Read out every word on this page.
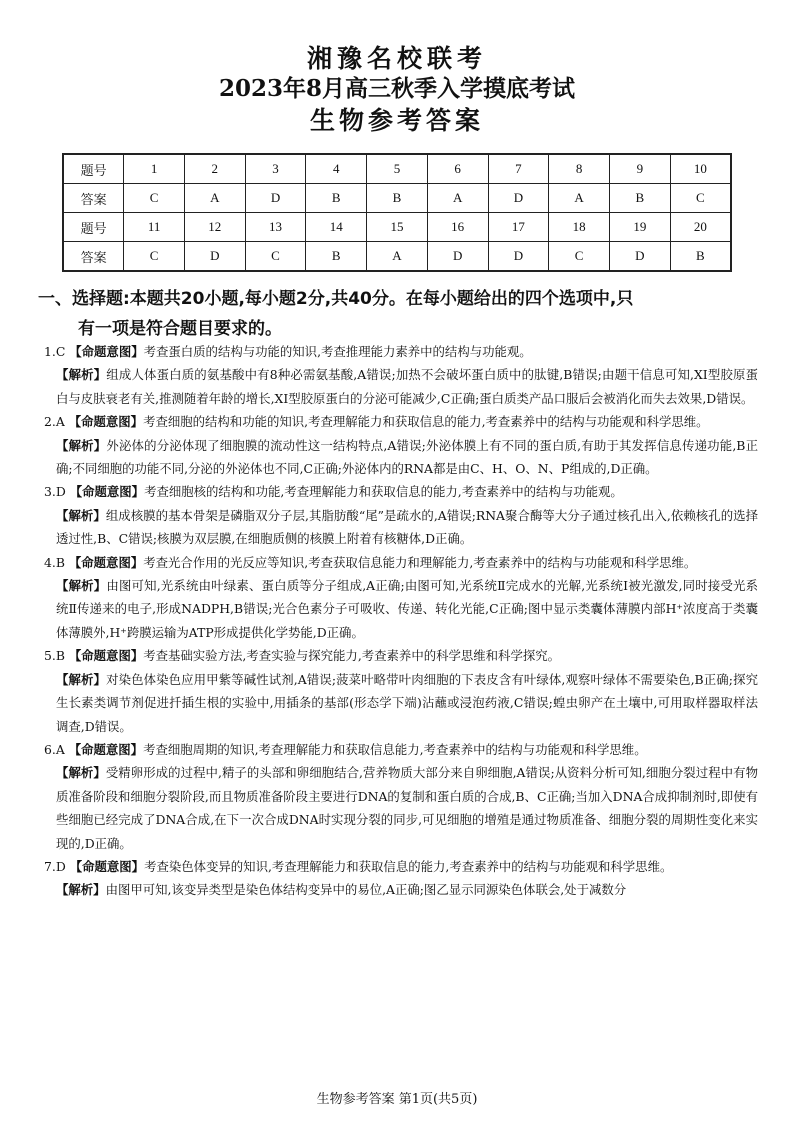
湘豫名校联考

2023年8月高三秋季入学摸底考试

生物参考答案

题号	1	2	3	4	5	6	7	8	9	10
答案	C	A	D	B	B	A	D	A	B	C
题号	11	12	13	14	15	16	17	18	19	20
答案	C	D	C	B	A	D	D	C	D	B
一、选择题:本题共20小题,每小题2分,共40分。在每小题给出的四个选项中,只
有一项是符合题目要求的。
1.C 【命题意图】考查蛋白质的结构与功能的知识,考查推理能力素养中的结构与功能观。
【解析】组成人体蛋白质的氨基酸中有8种必需氨基酸,A错误;加热不会破坏蛋白质中的肽键,B错误;由题干信息可知,XI型胶原蛋白与皮肤衰老有关,推测随着年龄的增长,XI型胶原蛋白的分泌可能减少,C正确;蛋白质类产品口服后会被消化而失去效果,D错误。
2.A 【命题意图】考查细胞的结构和功能的知识,考查理解能力和获取信息的能力,考查素养中的结构与功能观和科学思维。
【解析】外泌体的分泌体现了细胞膜的流动性这一结构特点,A错误;外泌体膜上有不同的蛋白质,有助于其发挥信息传递功能,B正确;不同细胞的功能不同,分泌的外泌体也不同,C正确;外泌体内的RNA都是由C、H、O、N、P组成的,D正确。
3.D 【命题意图】考查细胞核的结构和功能,考查理解能力和获取信息的能力,考查素养中的结构与功能观。
【解析】组成核膜的基本骨架是磷脂双分子层,其脂肪酸“尾”是疏水的,A错误;RNA聚合酶等大分子通过核孔出入,依赖核孔的选择透过性,B、C错误;核膜为双层膜,在细胞质侧的核膜上附着有核糖体,D正确。
4.B 【命题意图】考查光合作用的光反应等知识,考查获取信息能力和理解能力,考查素养中的结构与功能观和科学思维。
【解析】由图可知,光系统由叶绿素、蛋白质等分子组成,A正确;由图可知,光系统Ⅱ完成水的光解,光系统Ⅰ被光激发,同时接受光系统Ⅱ传递来的电子,形成NADPH,B错误;光合色素分子可吸收、传递、转化光能,C正确;图中显示类囊体薄膜内部H⁺浓度高于类囊体薄膜外,H⁺跨膜运输为ATP形成提供化学势能,D正确。
5.B 【命题意图】考查基础实验方法,考查实验与探究能力,考查素养中的科学思维和科学探究。
【解析】对染色体染色应用甲紫等碱性试剂,A错误;菠菜叶略带叶肉细胞的下表皮含有叶绿体,观察叶绿体不需要染色,B正确;探究生长素类调节剂促进扦插生根的实验中,用插条的基部(形态学下端)沾蘸或浸泡药液,C错误;蝗虫卵产在土壤中,可用取样器取样法调查,D错误。
6.A 【命题意图】考查细胞周期的知识,考查理解能力和获取信息能力,考查素养中的结构与功能观和科学思维。
【解析】受精卵形成的过程中,精子的头部和卵细胞结合,营养物质大部分来自卵细胞,A错误;从资料分析可知,细胞分裂过程中有物质准备阶段和细胞分裂阶段,而且物质准备阶段主要进行DNA的复制和蛋白质的合成,B、C正确;当加入DNA合成抑制剂时,即使有些细胞已经完成了DNA合成,在下一次合成DNA时实现分裂的同步,可见细胞的增殖是通过物质准备、细胞分裂的周期性变化来实现的,D正确。
7.D 【命题意图】考查染色体变异的知识,考查理解能力和获取信息的能力,考查素养中的结构与功能观和科学思维。
【解析】由图甲可知,该变异类型是染色体结构变异中的易位,A正确;图乙显示同源染色体联会,处于减数分
生物参考答案 第1页(共5页)
